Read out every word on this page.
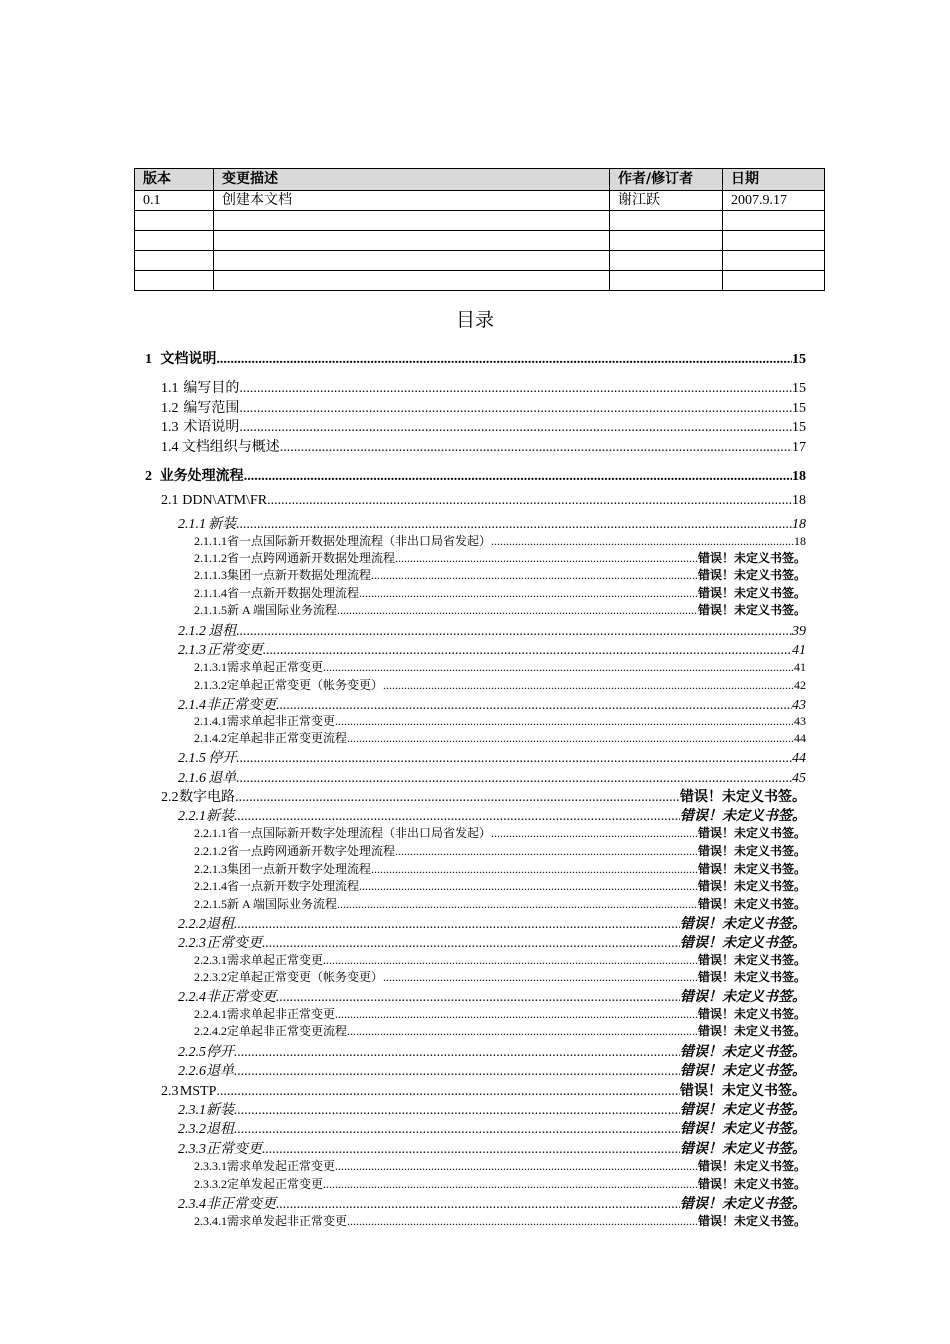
版本	变更描述	作者/修订者	日期
0.1	创建本文档	谢江跃	2007.9.17

目录
1 文档说明 .....	15
1.1 编写目的 .....	15
1.2 编写范围 .....	15
1.3 术语说明 .....	15
1.4 文档组织与概述 .....	17
2 业务处理流程 .....	18
2.1 DDN\ATM\FR .....	18
2.1.1 新装 .....	18
2.1.1.1 省一点国际新开数据处理流程（非出口局省发起） .....	18
2.1.1.2 省一点跨网通新开数据处理流程 .....	错误！未定义书签。
2.1.1.3 集团一点新开数据处理流程 .....	错误！未定义书签。
2.1.1.4 省一点新开数据处理流程 .....	错误！未定义书签。
2.1.1.5 新 A 端国际业务流程 .....	错误！未定义书签。
2.1.2 退租 .....	39
2.1.3 正常变更 .....	41
2.1.3.1 需求单起正常变更 .....	41
2.1.3.2 定单起正常变更（帐务变更） .....	42
2.1.4 非正常变更 .....	43
2.1.4.1 需求单起非正常变更 .....	43
2.1.4.2 定单起非正常变更流程 .....	44
2.1.5 停开 .....	44
2.1.6 退单 .....	45
2.2 数字电路 .....	错误！未定义书签。
2.2.1 新装 .....	错误！未定义书签。
2.2.1.1 省一点国际新开数字处理流程（非出口局省发起） .....	错误！未定义书签。
2.2.1.2 省一点跨网通新开数字处理流程 .....	错误！未定义书签。
2.2.1.3 集团一点新开数字处理流程 .....	错误！未定义书签。
2.2.1.4 省一点新开数字处理流程 .....	错误！未定义书签。
2.2.1.5 新 A 端国际业务流程 .....	错误！未定义书签。
2.2.2 退租 .....	错误！未定义书签。
2.2.3 正常变更 .....	错误！未定义书签。
2.2.3.1 需求单起正常变更 .....	错误！未定义书签。
2.2.3.2 定单起正常变更（帐务变更） .....	错误！未定义书签。
2.2.4 非正常变更 .....	错误！未定义书签。
2.2.4.1 需求单起非正常变更 .....	错误！未定义书签。
2.2.4.2 定单起非正常变更流程 .....	错误！未定义书签。
2.2.5 停开 .....	错误！未定义书签。
2.2.6 退单 .....	错误！未定义书签。
2.3 MSTP .....	错误！未定义书签。
2.3.1 新装 .....	错误！未定义书签。
2.3.2 退租 .....	错误！未定义书签。
2.3.3 正常变更 .....	错误！未定义书签。
2.3.3.1 需求单发起正常变更 .....	错误！未定义书签。
2.3.3.2 定单发起正常变更 .....	错误！未定义书签。
2.3.4 非正常变更 .....	错误！未定义书签。
2.3.4.1 需求单发起非正常变更 .....	错误！未定义书签。
